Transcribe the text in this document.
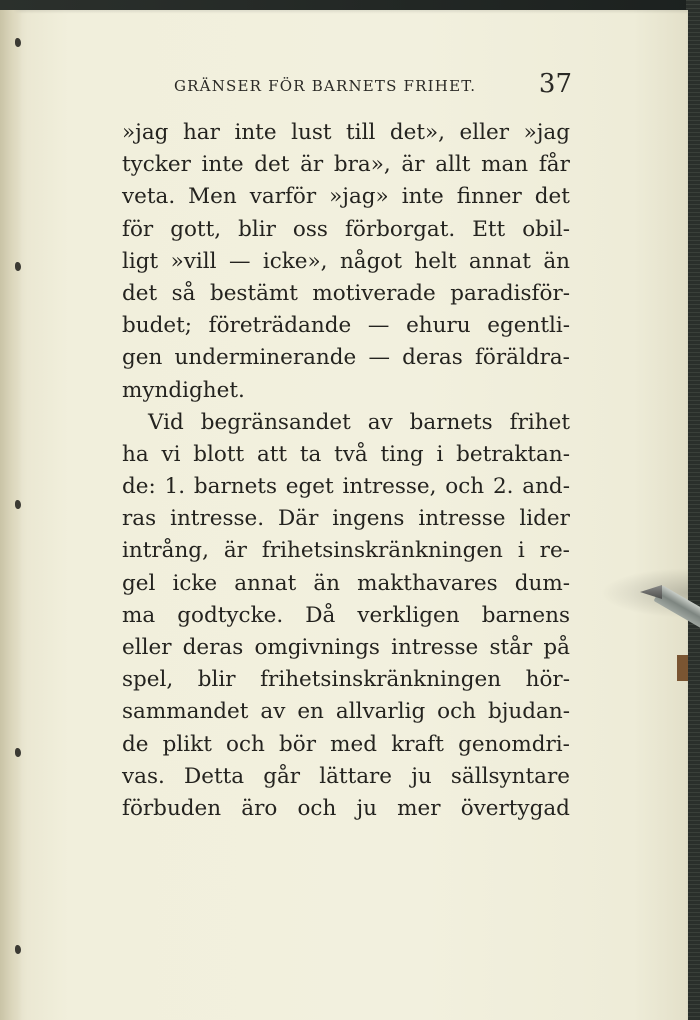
GRÄNSER FÖR BARNETS FRIHET. 37
»jag har inte lust till det», eller »jag
tycker inte det är bra», är allt man får
veta. Men varför »jag» inte finner det
för gott, blir oss förborgat. Ett obil-
ligt »vill — icke», något helt annat än
det så bestämt motiverade paradisför-
budet; företrädande — ehuru egentli-
gen underminerande — deras föräldra-
myndighet.
Vid begränsandet av barnets frihet
ha vi blott att ta två ting i betraktan-
de: 1. barnets eget intresse, och 2. and-
ras intresse. Där ingens intresse lider
intrång, är frihetsinskränkningen i re-
gel icke annat än makthavares dum-
ma godtycke. Då verkligen barnens
eller deras omgivnings intresse står på
spel, blir frihetsinskränkningen hör-
sammandet av en allvarlig och bjudan-
de plikt och bör med kraft genomdri-
vas. Detta går lättare ju sällsyntare
förbuden äro och ju mer övertygad
